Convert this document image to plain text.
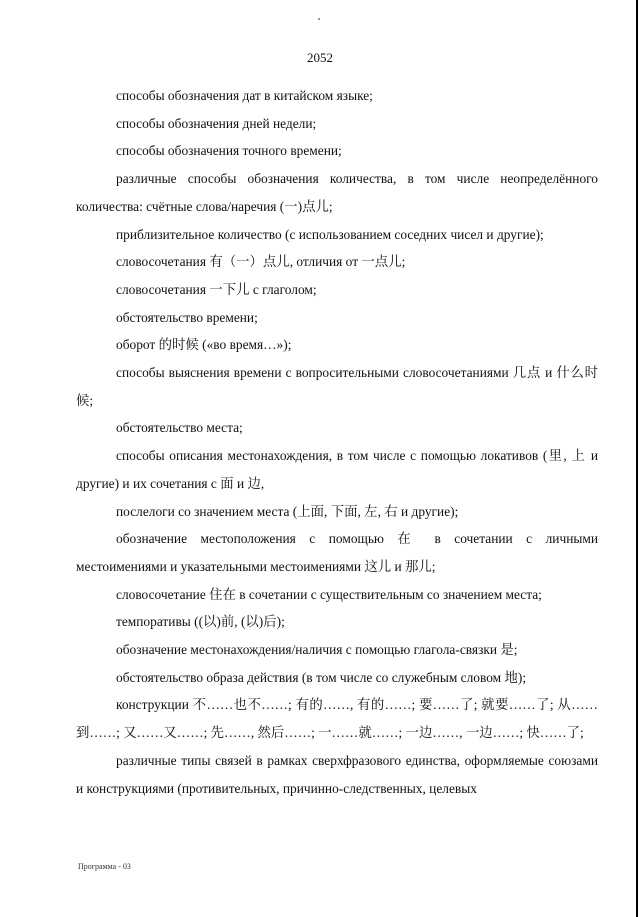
2052

способы обозначения дат в китайском языке;

способы обозначения дней недели;

способы обозначения точного времени;

различные способы обозначения количества, в том числе неопределённого количества: счётные слова/наречия (一)点儿;

приблизительное количество (с использованием соседних чисел и другие);

словосочетания 有（一）点儿, отличия от 一点儿;

словосочетания 一下儿 с глаголом;

обстоятельство времени;

оборот 的时候 («во время…»);

способы выяснения времени с вопросительными словосочетаниями 几点 и 什么时候;

обстоятельство места;

способы описания местонахождения, в том числе с помощью локативов (里, 上 и другие) и их сочетания с 面 и 边,

послелоги со значением места (上面, 下面, 左, 右 и другие);

обозначение местоположения с помощью 在 в сочетании с личными местоимениями и указательными местоимениями 这儿 и 那儿;

словосочетание 住在 в сочетании с существительным со значением места;

темпоративы ((以)前, (以)后);

обозначение местонахождения/наличия с помощью глагола-связки 是;

обстоятельство образа действия (в том числе со служебным словом 地);

конструкции 不……也不……; 有的……, 有的……; 要……了; 就要……了; 从……到……; 又……又……; 先……, 然后……; 一……就……; 一边……, 一边……; 快……了;

различные типы связей в рамках сверхфразового единства, оформляемые союзами и конструкциями (противительных, причинно-следственных, целевых

Программа - 03
